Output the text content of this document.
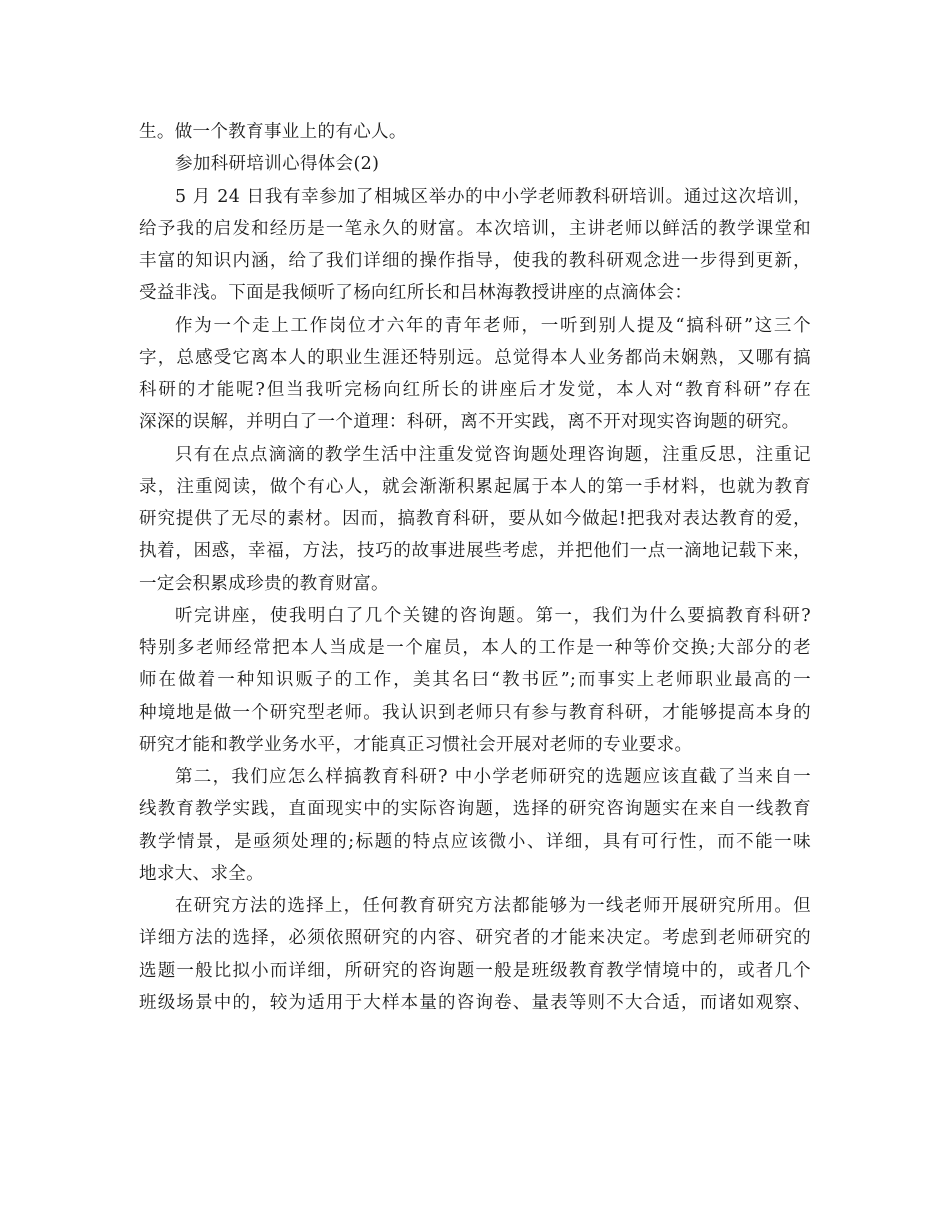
生。做一个教育事业上的有心人。
参加科研培训心得体会(2)
5 月 24 日我有幸参加了相城区举办的中小学老师教科研培训。通过这次培训，
给予我的启发和经历是一笔永久的财富。本次培训，主讲老师以鲜活的教学课堂和
丰富的知识内涵，给了我们详细的操作指导，使我的教科研观念进一步得到更新，
受益非浅。下面是我倾听了杨向红所长和吕林海教授讲座的点滴体会：
作为一个走上工作岗位才六年的青年老师，一听到别人提及“搞科研”这三个
字，总感受它离本人的职业生涯还特别远。总觉得本人业务都尚未娴熟，又哪有搞
科研的才能呢?但当我听完杨向红所长的讲座后才发觉，本人对“教育科研”存在
深深的误解，并明白了一个道理：科研，离不开实践，离不开对现实咨询题的研究。
只有在点点滴滴的教学生活中注重发觉咨询题处理咨询题，注重反思，注重记
录，注重阅读，做个有心人，就会渐渐积累起属于本人的第一手材料，也就为教育
研究提供了无尽的素材。因而，搞教育科研，要从如今做起!把我对表达教育的爱，
执着，困惑，幸福，方法，技巧的故事进展些考虑，并把他们一点一滴地记载下来，
一定会积累成珍贵的教育财富。
听完讲座，使我明白了几个关键的咨询题。第一，我们为什么要搞教育科研?
特别多老师经常把本人当成是一个雇员，本人的工作是一种等价交换;大部分的老
师在做着一种知识贩子的工作，美其名曰“教书匠”;而事实上老师职业最高的一
种境地是做一个研究型老师。我认识到老师只有参与教育科研，才能够提高本身的
研究才能和教学业务水平，才能真正习惯社会开展对老师的专业要求。
第二，我们应怎么样搞教育科研? 中小学老师研究的选题应该直截了当来自一
线教育教学实践，直面现实中的实际咨询题，选择的研究咨询题实在来自一线教育
教学情景，是亟须处理的;标题的特点应该微小、详细，具有可行性，而不能一味
地求大、求全。
在研究方法的选择上，任何教育研究方法都能够为一线老师开展研究所用。但
详细方法的选择，必须依照研究的内容、研究者的才能来决定。考虑到老师研究的
选题一般比拟小而详细，所研究的咨询题一般是班级教育教学情境中的，或者几个
班级场景中的，较为适用于大样本量的咨询卷、量表等则不大合适，而诸如观察、
